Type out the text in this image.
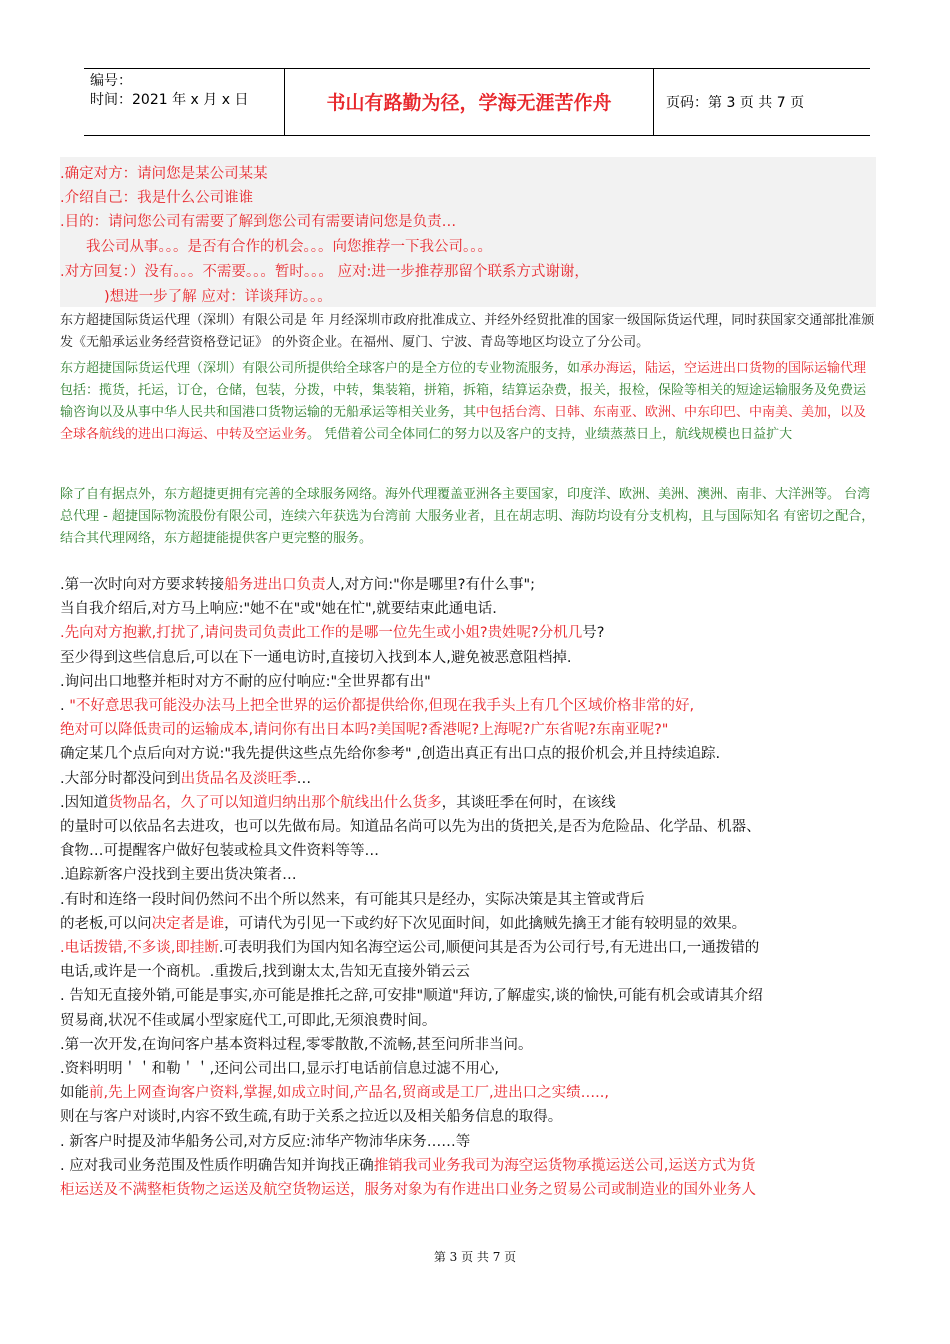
编号：
时间：2021 年 x 月 x 日	书山有路勤为径，学海无涯苦作舟	页码：第 3 页 共 7 页
.确定对方：请问您是某公司某某
.介绍自己：我是什么公司谁谁
.目的：请问您公司有需要了解到您公司有需要请问您是负责…
我公司从事。。。是否有合作的机会。。。向您推荐一下我公司。。。
.对方回复：）没有。。。不需要。。。暂时。。。 应对:进一步推荐那留个联系方式谢谢，
)想进一步了解 应对：详谈拜访。。。
东方超捷国际货运代理（深圳）有限公司是 年 月经深圳市政府批准成立、并经外经贸批准的国家一级国际货运代理，同时获国家交通部批准颁发《无船承运业务经营资格登记证》 的外资企业。在福州、厦门、宁波、青岛等地区均设立了分公司。
东方超捷国际货运代理（深圳）有限公司所提供给全球客户的是全方位的专业物流服务，如承办海运，陆运，空运进出口货物的国际运输代理包括：揽货，托运，订仓，仓储，包装，分拨，中转，集装箱，拼箱，拆箱，结算运杂费，报关，报检，保险等相关的短途运输服务及免费运输咨询以及从事中华人民共和国港口货物运输的无船承运等相关业务，其中包括台湾、日韩、东南亚、欧洲、中东印巴、中南美、美加，以及全球各航线的进出口海运、中转及空运业务。 凭借着公司全体同仁的努力以及客户的支持，业绩蒸蒸日上，航线规模也日益扩大
除了自有据点外，东方超捷更拥有完善的全球服务网络。海外代理覆盖亚洲各主要国家，印度洋、欧洲、美洲、澳洲、南非、大洋洲等。 台湾总代理 - 超捷国际物流股份有限公司，连续六年获选为台湾前 大服务业者，且在胡志明、海防均设有分支机构，且与国际知名 有密切之配合，结合其代理网络，东方超捷能提供客户更完整的服务。
.第一次时向对方要求转接船务进出口负责人,对方问:"你是哪里?有什么事";
当自我介绍后,对方马上响应:"她不在"或"她在忙",就要结束此通电话.
.先向对方抱歉,打扰了,请问贵司负责此工作的是哪一位先生或小姐?贵姓呢?分机几号?
至少得到这些信息后,可以在下一通电访时,直接切入找到本人,避免被恶意阻档掉.
.询问出口地整并柜时对方不耐的应付响应:"全世界都有出"
. "不好意思我可能没办法马上把全世界的运价都提供给你,但现在我手头上有几个区域价格非常的好,
绝对可以降低贵司的运输成本,请问你有出日本吗?美国呢?香港呢?上海呢?广东省呢?东南亚呢?"
确定某几个点后向对方说:"我先提供这些点先给你参考" ,创造出真正有出口点的报价机会,并且持续追踪.
.大部分时都没问到出货品名及淡旺季…
.因知道货物品名，久了可以知道归纳出那个航线出什么货多，其谈旺季在何时，在该线
的量时可以依品名去进攻，也可以先做布局。知道品名尚可以先为出的货把关,是否为危险品、化学品、机器、
食物…可提醒客户做好包装或检具文件资料等等…
.追踪新客户没找到主要出货决策者…
.有时和连络一段时间仍然问不出个所以然来，有可能其只是经办，实际决策是其主管或背后
的老板,可以问决定者是谁，可请代为引见一下或约好下次见面时间，如此擒贼先擒王才能有较明显的效果。
.电话拨错,不多谈,即挂断.可表明我们为国内知名海空运公司,顺便问其是否为公司行号,有无进出口,一通拨错的
电话,或许是一个商机。.重拨后,找到谢太太,告知无直接外销云云
. 告知无直接外销,可能是事实,亦可能是推托之辞,可安排"顺道"拜访,了解虚实,谈的愉快,可能有机会或请其介绍
贸易商,状况不佳或属小型家庭代工,可即此,无须浪费时间。
.第一次开发,在询问客户基本资料过程,零零散散,不流畅,甚至问所非当问。
.资料明明＇＇和勒＇＇,还问公司出口,显示打电话前信息过滤不用心,
如能前,先上网查询客户资料,掌握,如成立时间,产品名,贸商或是工厂,进出口之实绩…..,
则在与客户对谈时,内容不致生疏,有助于关系之拉近以及相关船务信息的取得。
. 新客户时提及沛华船务公司,对方反应:沛华产物沛华床务……等
. 应对我司业务范围及性质作明确告知并询找正确推销我司业务我司为海空运货物承揽运送公司,运送方式为货
柜运送及不满整柜货物之运送及航空货物运送，服务对象为有作进出口业务之贸易公司或制造业的国外业务人
第 3 页 共 7 页
